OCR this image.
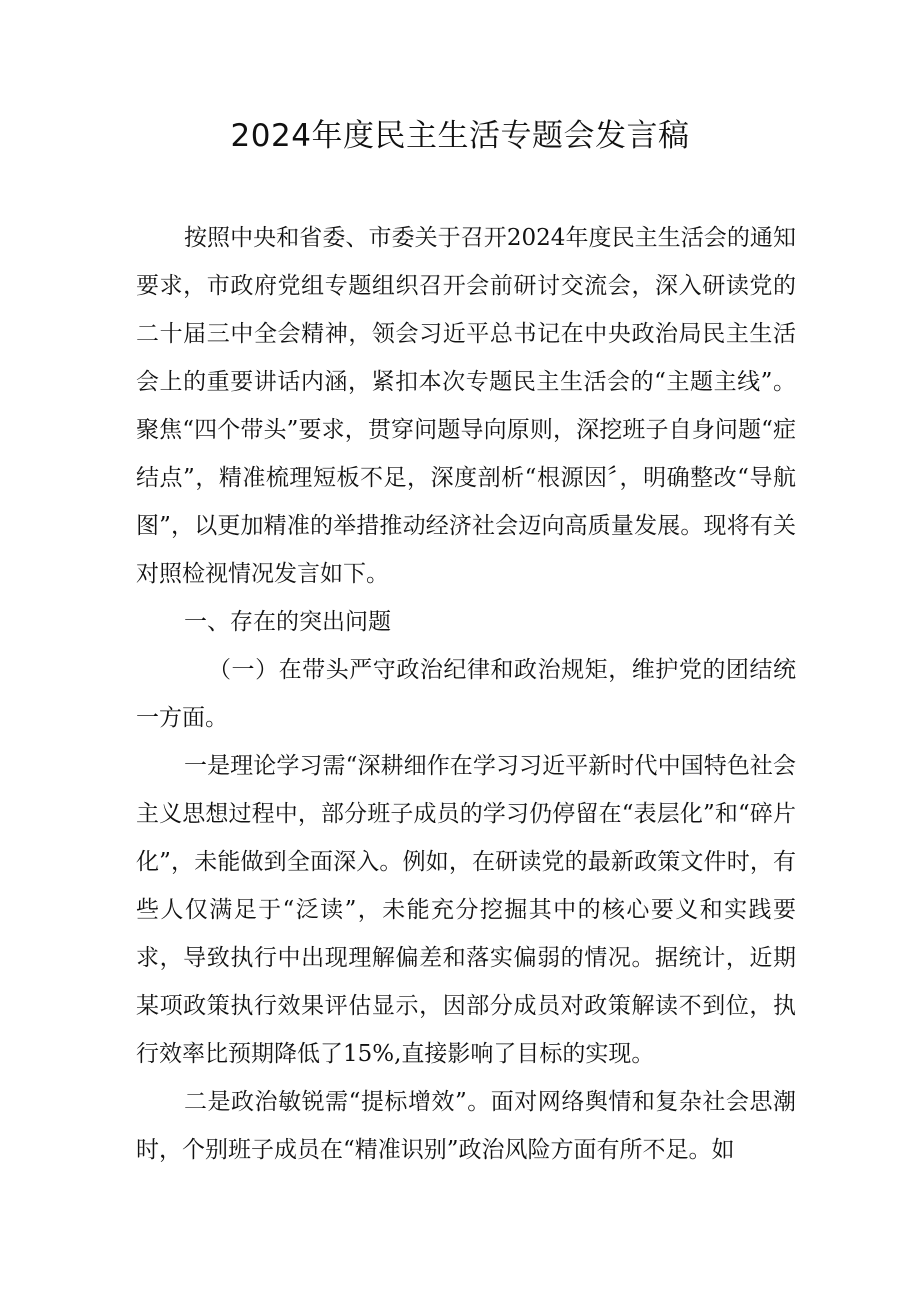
2024年度民主生活专题会发言稿

按照中央和省委、市委关于召开2024年度民主生活会的通知要求，市政府党组专题组织召开会前研讨交流会，深入研读党的二十届三中全会精神，领会习近平总书记在中央政治局民主生活会上的重要讲话内涵，紧扣本次专题民主生活会的“主题主线”。聚焦“四个带头”要求，贯穿问题导向原则，深挖班子自身问题“症结点”，精准梳理短板不足，深度剖析“根源因〞，明确整改“导航图”，以更加精准的举措推动经济社会迈向高质量发展。现将有关对照检视情况发言如下。

一、存在的突出问题

（一）在带头严守政治纪律和政治规矩，维护党的团结统一方面。

一是理论学习需“深耕细作在学习习近平新时代中国特色社会主义思想过程中，部分班子成员的学习仍停留在“表层化”和“碎片化”，未能做到全面深入。例如，在研读党的最新政策文件时，有些人仅满足于“泛读”，未能充分挖掘其中的核心要义和实践要求，导致执行中出现理解偏差和落实偏弱的情况。据统计，近期某项政策执行效果评估显示，因部分成员对政策解读不到位，执行效率比预期降低了15%,直接影响了目标的实现。

二是政治敏锐需“提标增效”。面对网络舆情和复杂社会思潮时，个别班子成员在“精准识别”政治风险方面有所不足。如
